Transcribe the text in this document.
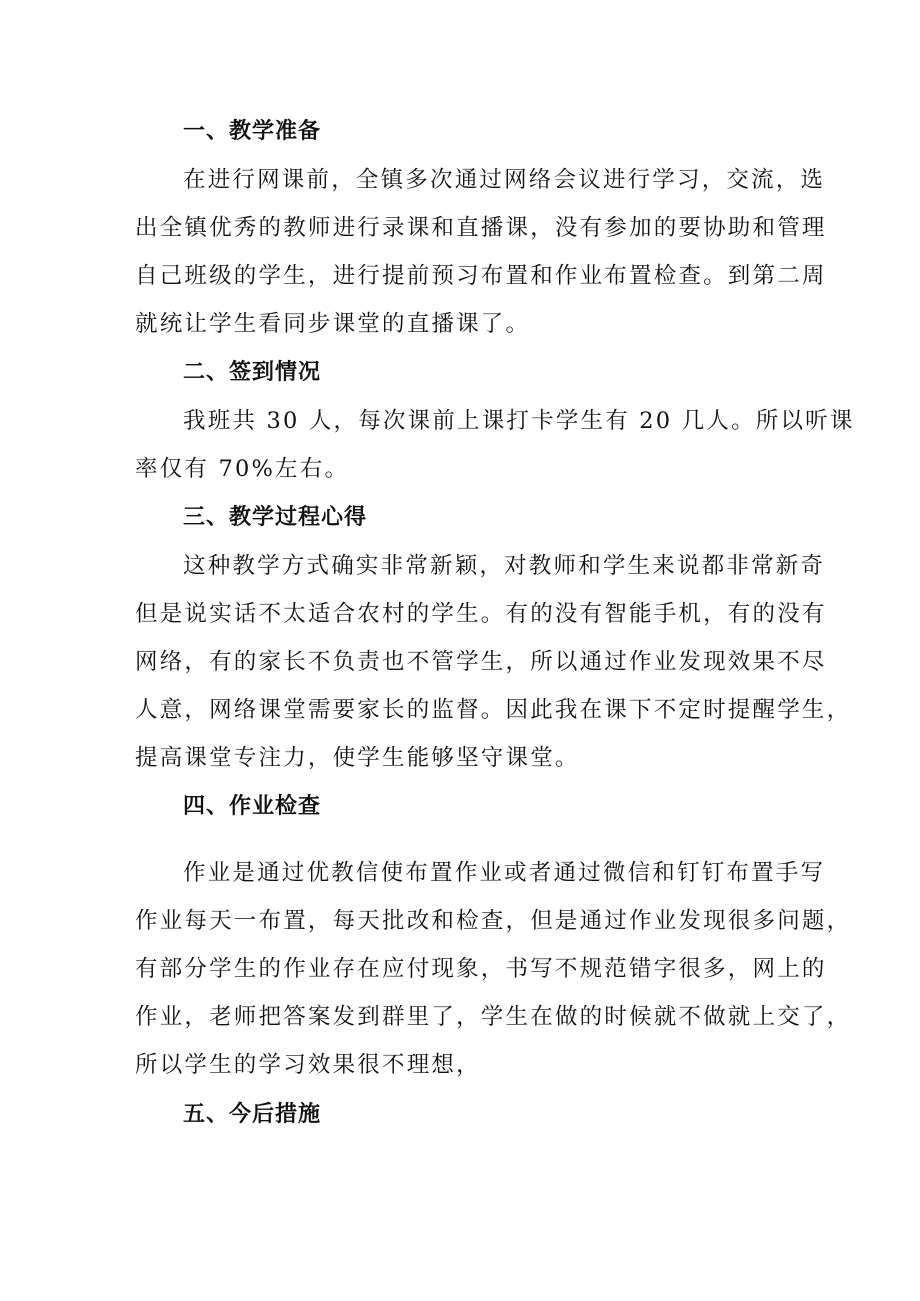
一、教学准备
在进行网课前，全镇多次通过网络会议进行学习，交流，选
出全镇优秀的教师进行录课和直播课，没有参加的要协助和管理
自己班级的学生，进行提前预习布置和作业布置检查。到第二周
就统让学生看同步课堂的直播课了。
二、签到情况
我班共 30 人，每次课前上课打卡学生有 20 几人。所以听课
率仅有 70%左右。
三、教学过程心得
这种教学方式确实非常新颖，对教师和学生来说都非常新奇
但是说实话不太适合农村的学生。有的没有智能手机，有的没有
网络，有的家长不负责也不管学生，所以通过作业发现效果不尽
人意，网络课堂需要家长的监督。因此我在课下不定时提醒学生，
提高课堂专注力，使学生能够坚守课堂。
四、作业检查
作业是通过优教信使布置作业或者通过微信和钉钉布置手写
作业每天一布置，每天批改和检查，但是通过作业发现很多问题，
有部分学生的作业存在应付现象，书写不规范错字很多，网上的
作业，老师把答案发到群里了，学生在做的时候就不做就上交了，
所以学生的学习效果很不理想，
五、今后措施
